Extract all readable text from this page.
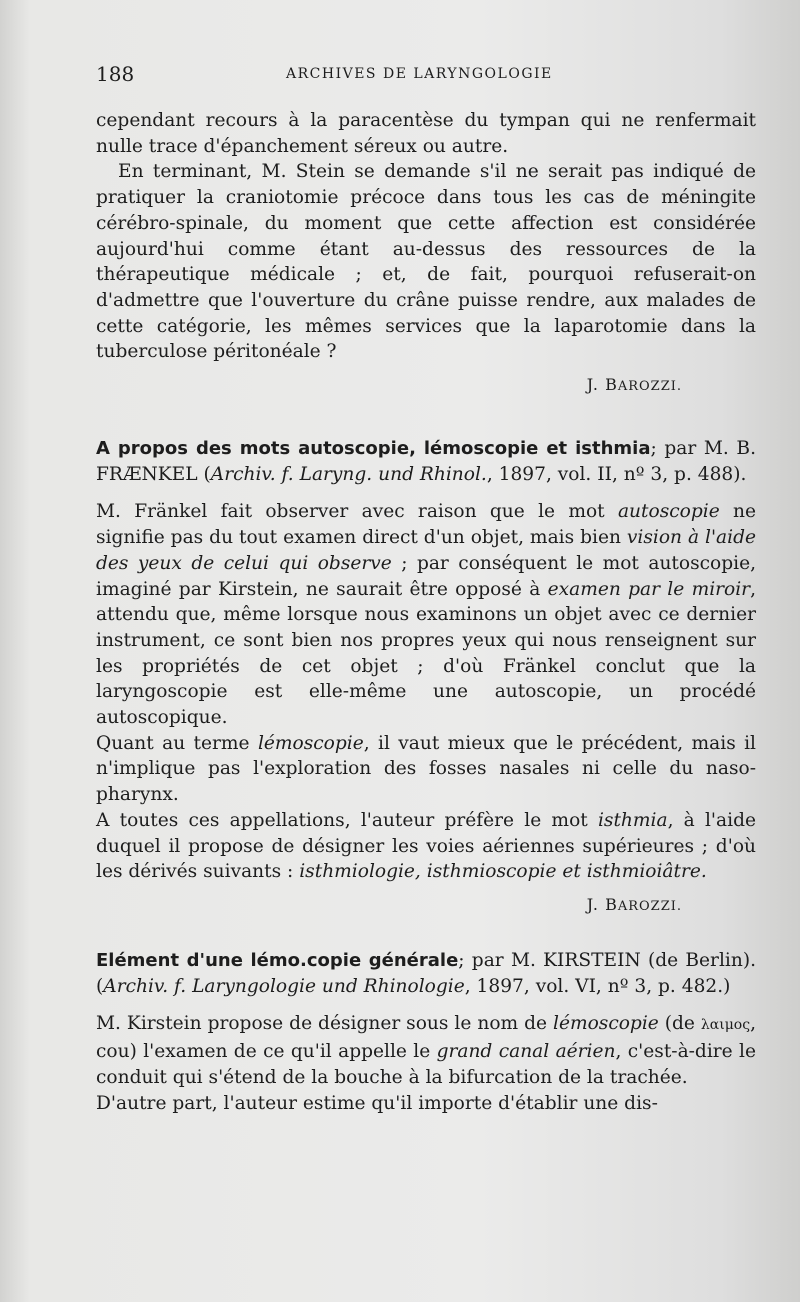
188	ARCHIVES DE LARYNGOLOGIE

cependant recours à la paracentèse du tympan qui ne renfermait nulle trace d'épanchement séreux ou autre.

En terminant, M. Stein se demande s'il ne serait pas indiqué de pratiquer la craniotomie précoce dans tous les cas de méningite cérébro-spinale, du moment que cette affection est considérée aujourd'hui comme étant au-dessus des ressources de la thérapeutique médicale ; et, de fait, pourquoi refuserait-on d'admettre que l'ouverture du crâne puisse rendre, aux malades de cette catégorie, les mêmes services que la laparotomie dans la tuberculose péritonéale ?

J. BAROZZI.

A propos des mots autoscopie, lémoscopie et isthmia; par M. B. FRÆNKEL (Archiv. f. Laryng. und Rhinol., 1897, vol. II, nº 3, p. 488).

M. Fränkel fait observer avec raison que le mot autoscopie ne signifie pas du tout examen direct d'un objet, mais bien vision à l'aide des yeux de celui qui observe ; par conséquent le mot autoscopie, imaginé par Kirstein, ne saurait être opposé à examen par le miroir, attendu que, même lorsque nous examinons un objet avec ce dernier instrument, ce sont bien nos propres yeux qui nous renseignent sur les propriétés de cet objet ; d'où Fränkel conclut que la laryngoscopie est elle-même une autoscopie, un procédé autoscopique.

Quant au terme lémoscopie, il vaut mieux que le précédent, mais il n'implique pas l'exploration des fosses nasales ni celle du naso-pharynx.

A toutes ces appellations, l'auteur préfère le mot isthmia, à l'aide duquel il propose de désigner les voies aériennes supérieures ; d'où les dérivés suivants : isthmiologie, isthmioscopie et isthmioiâtre.

J. BAROZZI.

Elément d'une lémo.copie générale; par M. KIRSTEIN (de Berlin). (Archiv. f. Laryngologie und Rhinologie, 1897, vol. VI, nº 3, p. 482.)

M. Kirstein propose de désigner sous le nom de lémoscopie (de λαιμος, cou) l'examen de ce qu'il appelle le grand canal aérien, c'est-à-dire le conduit qui s'étend de la bouche à la bifurcation de la trachée.

D'autre part, l'auteur estime qu'il importe d'établir une dis-
